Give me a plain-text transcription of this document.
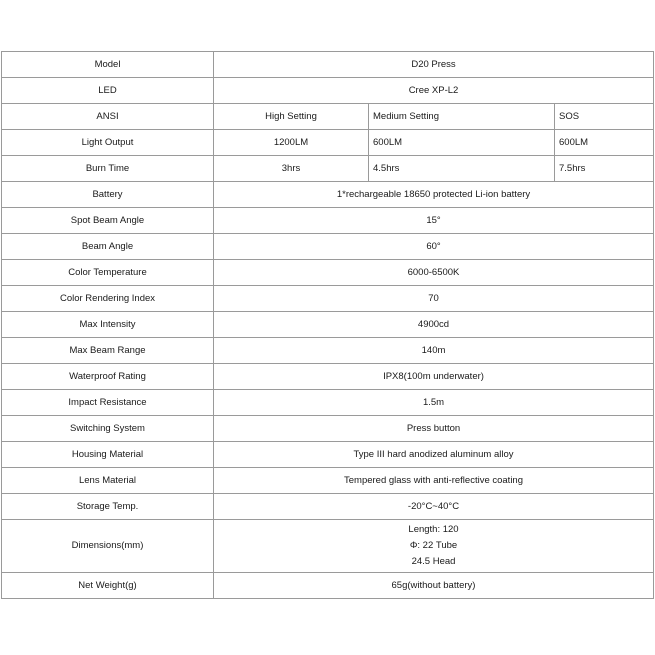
Model	D20 Press		
LED	Cree XP-L2		
ANSI	High Setting	Medium Setting	SOS
Light Output	1200LM	600LM	600LM
Burn Time	3hrs	4.5hrs	7.5hrs
Battery	1*rechargeable 18650 protected Li-ion battery		
Spot Beam Angle	15°		
Beam Angle	60°		
Color Temperature	6000-6500K		
Color Rendering Index	70		
Max Intensity	4900cd		
Max Beam Range	140m		
Waterproof Rating	IPX8(100m underwater)		
Impact Resistance	1.5m		
Switching System	Press button		
Housing Material	Type III hard anodized aluminum alloy		
Lens Material	Tempered glass with anti-reflective coating		
Storage Temp.	-20°C~40°C		
Dimensions(mm)	Length: 120
Φ: 22 Tube
24.5 Head		

Net Weight(g)	65g(without battery)		
